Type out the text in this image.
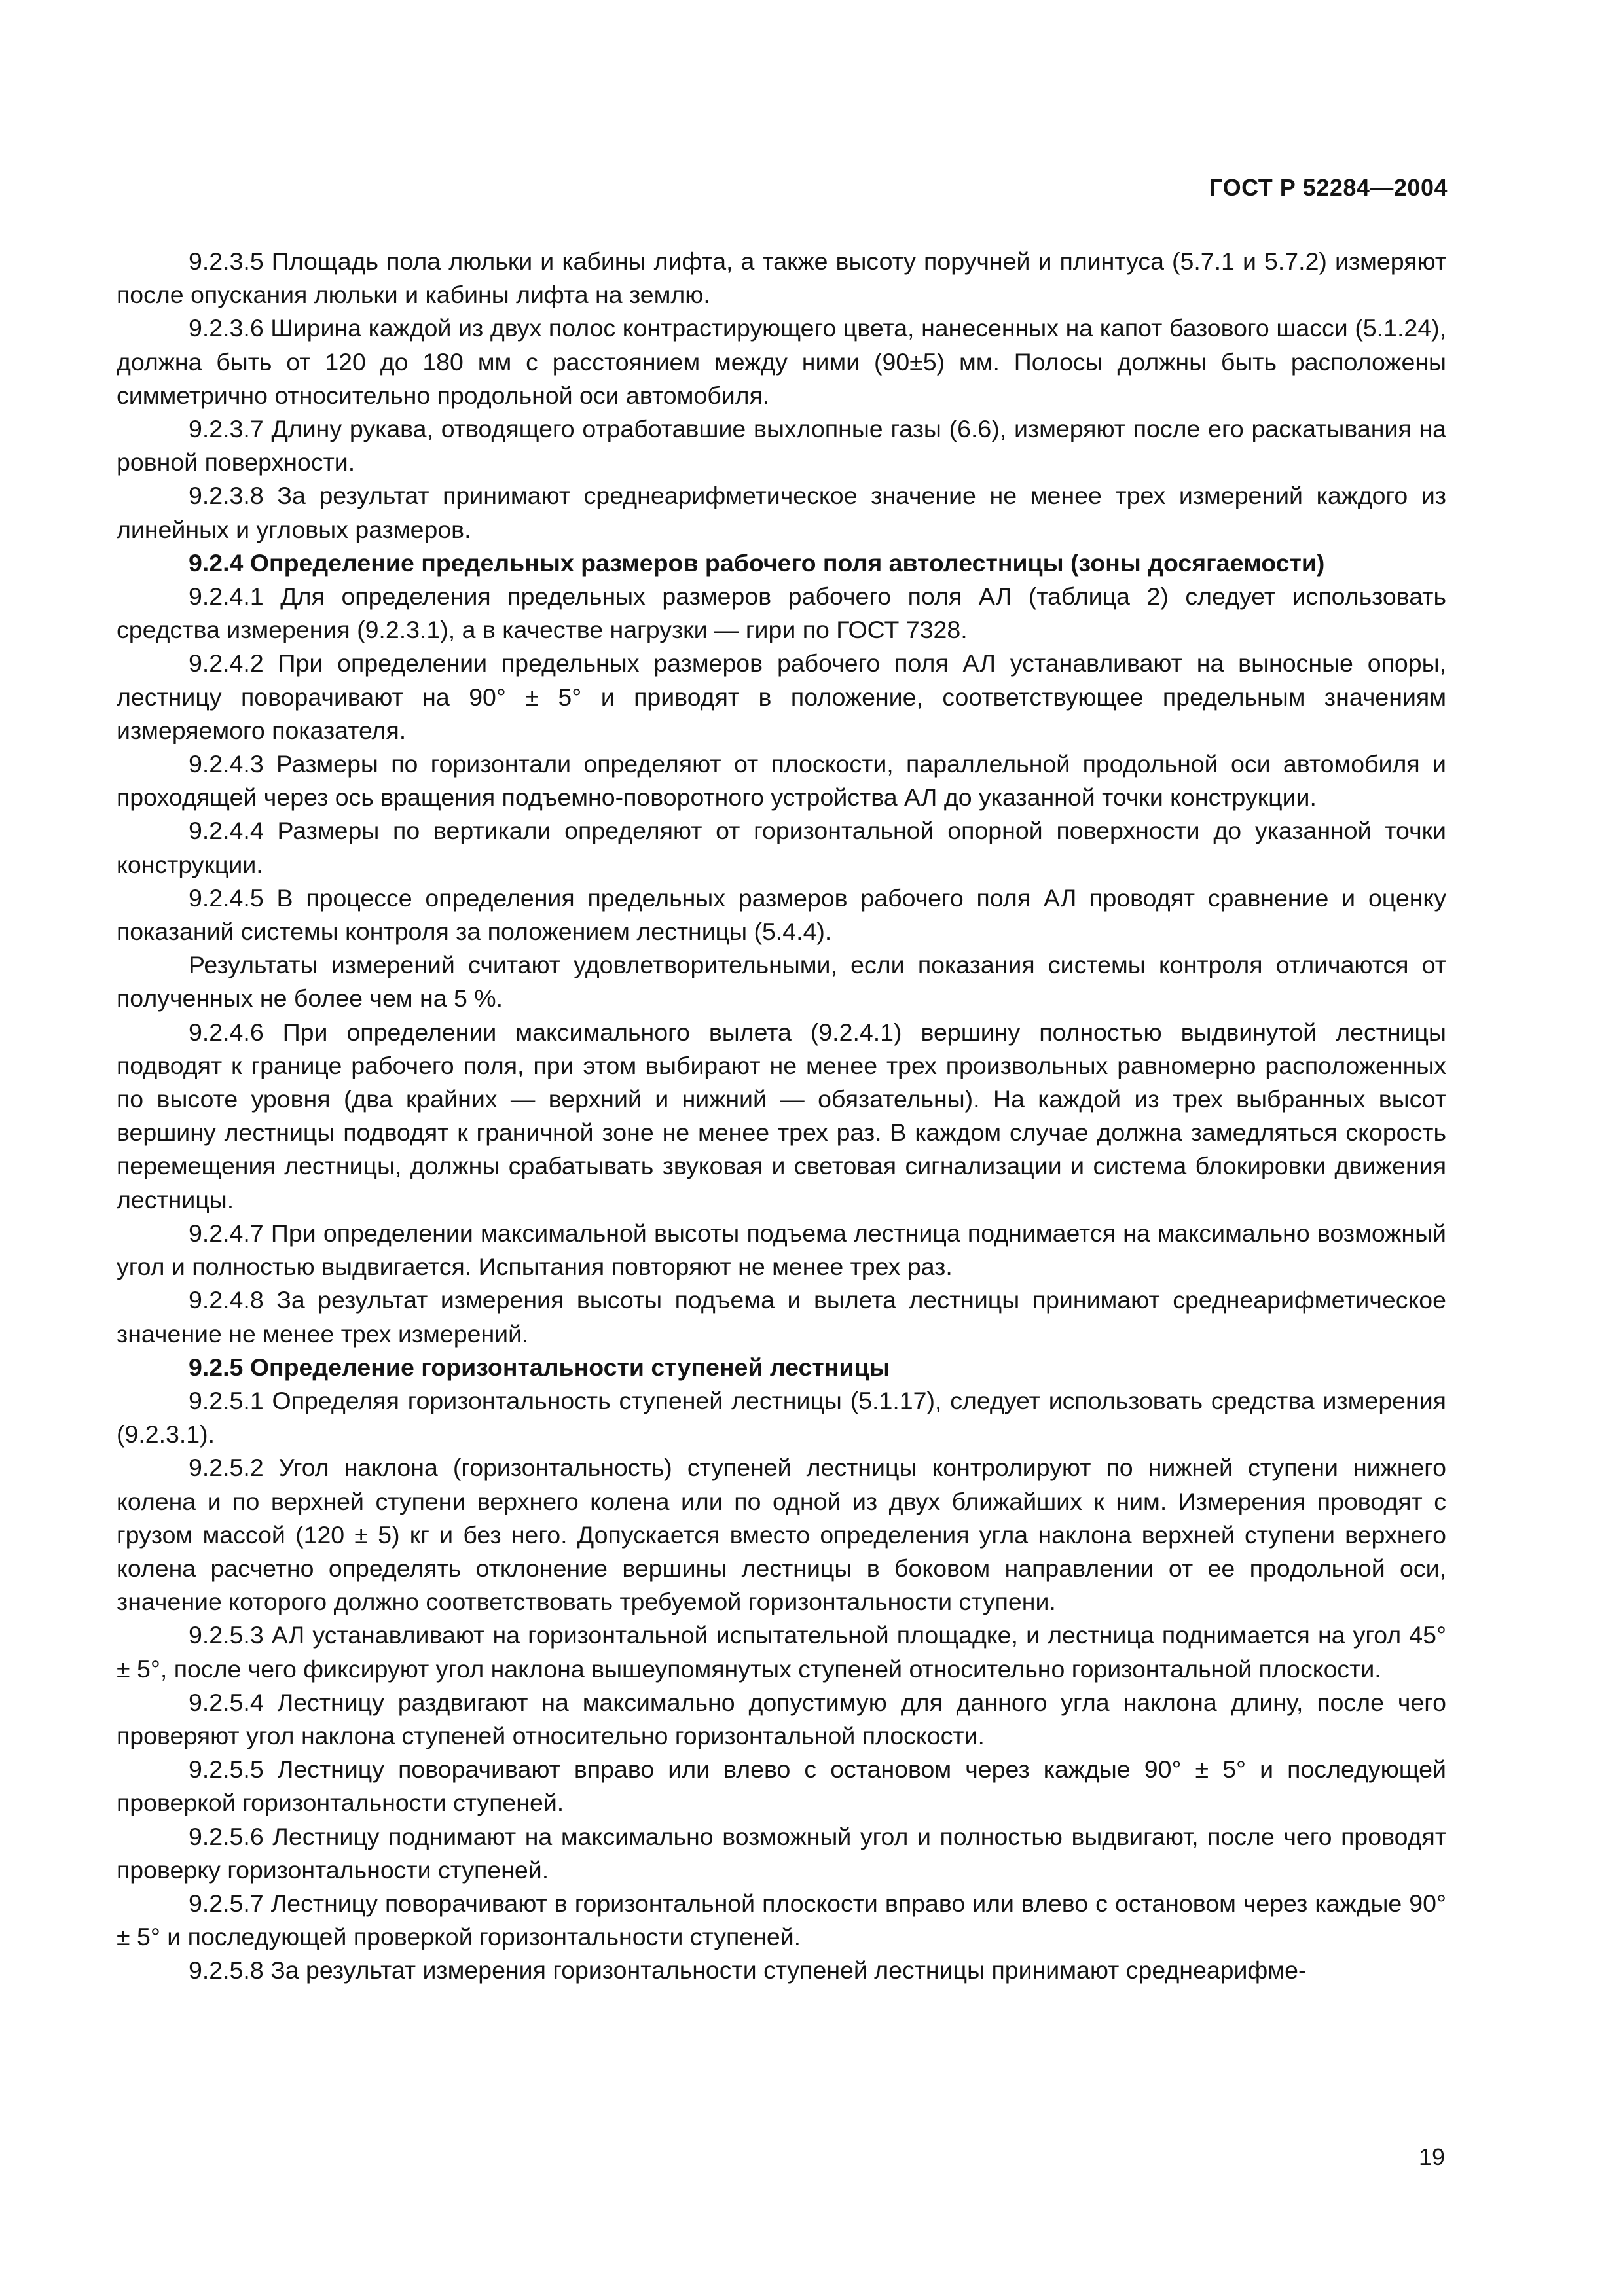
ГОСТ Р 52284—2004

9.2.3.5 Площадь пола люльки и кабины лифта, а также высоту поручней и плинтуса (5.7.1 и 5.7.2) измеряют после опускания люльки и кабины лифта на землю.

9.2.3.6 Ширина каждой из двух полос контрастирующего цвета, нанесенных на капот базового шасси (5.1.24), должна быть от 120 до 180 мм с расстоянием между ними (90±5) мм. Полосы должны быть расположены симметрично относительно продольной оси автомобиля.

9.2.3.7 Длину рукава, отводящего отработавшие выхлопные газы (6.6), измеряют после его раскатывания на ровной поверхности.

9.2.3.8 За результат принимают среднеарифметическое значение не менее трех измерений каждого из линейных и угловых размеров.

9.2.4 Определение предельных размеров рабочего поля автолестницы (зоны досягаемости)

9.2.4.1 Для определения предельных размеров рабочего поля АЛ (таблица 2) следует использовать средства измерения (9.2.3.1), а в качестве нагрузки — гири по ГОСТ 7328.

9.2.4.2 При определении предельных размеров рабочего поля АЛ устанавливают на выносные опоры, лестницу поворачивают на 90° ± 5° и приводят в положение, соответствующее предельным значениям измеряемого показателя.

9.2.4.3 Размеры по горизонтали определяют от плоскости, параллельной продольной оси автомобиля и проходящей через ось вращения подъемно-поворотного устройства АЛ до указанной точки конструкции.

9.2.4.4 Размеры по вертикали определяют от горизонтальной опорной поверхности до указанной точки конструкции.

9.2.4.5 В процессе определения предельных размеров рабочего поля АЛ проводят сравнение и оценку показаний системы контроля за положением лестницы (5.4.4).

Результаты измерений считают удовлетворительными, если показания системы контроля отличаются от полученных не более чем на 5 %.

9.2.4.6 При определении максимального вылета (9.2.4.1) вершину полностью выдвинутой лестницы подводят к границе рабочего поля, при этом выбирают не менее трех произвольных равномерно расположенных по высоте уровня (два крайних — верхний и нижний — обязательны). На каждой из трех выбранных высот вершину лестницы подводят к граничной зоне не менее трех раз. В каждом случае должна замедляться скорость перемещения лестницы, должны срабатывать звуковая и световая сигнализации и система блокировки движения лестницы.

9.2.4.7 При определении максимальной высоты подъема лестница поднимается на максимально возможный угол и полностью выдвигается. Испытания повторяют не менее трех раз.

9.2.4.8 За результат измерения высоты подъема и вылета лестницы принимают среднеарифметическое значение не менее трех измерений.

9.2.5 Определение горизонтальности ступеней лестницы

9.2.5.1 Определяя горизонтальность ступеней лестницы (5.1.17), следует использовать средства измерения (9.2.3.1).

9.2.5.2 Угол наклона (горизонтальность) ступеней лестницы контролируют по нижней ступени нижнего колена и по верхней ступени верхнего колена или по одной из двух ближайших к ним. Измерения проводят с грузом массой (120 ± 5) кг и без него. Допускается вместо определения угла наклона верхней ступени верхнего колена расчетно определять отклонение вершины лестницы в боковом направлении от ее продольной оси, значение которого должно соответствовать требуемой горизонтальности ступени.

9.2.5.3 АЛ устанавливают на горизонтальной испытательной площадке, и лестница поднимается на угол 45° ± 5°, после чего фиксируют угол наклона вышеупомянутых ступеней относительно горизонтальной плоскости.

9.2.5.4 Лестницу раздвигают на максимально допустимую для данного угла наклона длину, после чего проверяют угол наклона ступеней относительно горизонтальной плоскости.

9.2.5.5 Лестницу поворачивают вправо или влево с остановом через каждые 90° ± 5° и последующей проверкой горизонтальности ступеней.

9.2.5.6 Лестницу поднимают на максимально возможный угол и полностью выдвигают, после чего проводят проверку горизонтальности ступеней.

9.2.5.7 Лестницу поворачивают в горизонтальной плоскости вправо или влево с остановом через каждые 90°± 5° и последующей проверкой горизонтальности ступеней.

9.2.5.8 За результат измерения горизонтальности ступеней лестницы принимают среднеарифме-

19
